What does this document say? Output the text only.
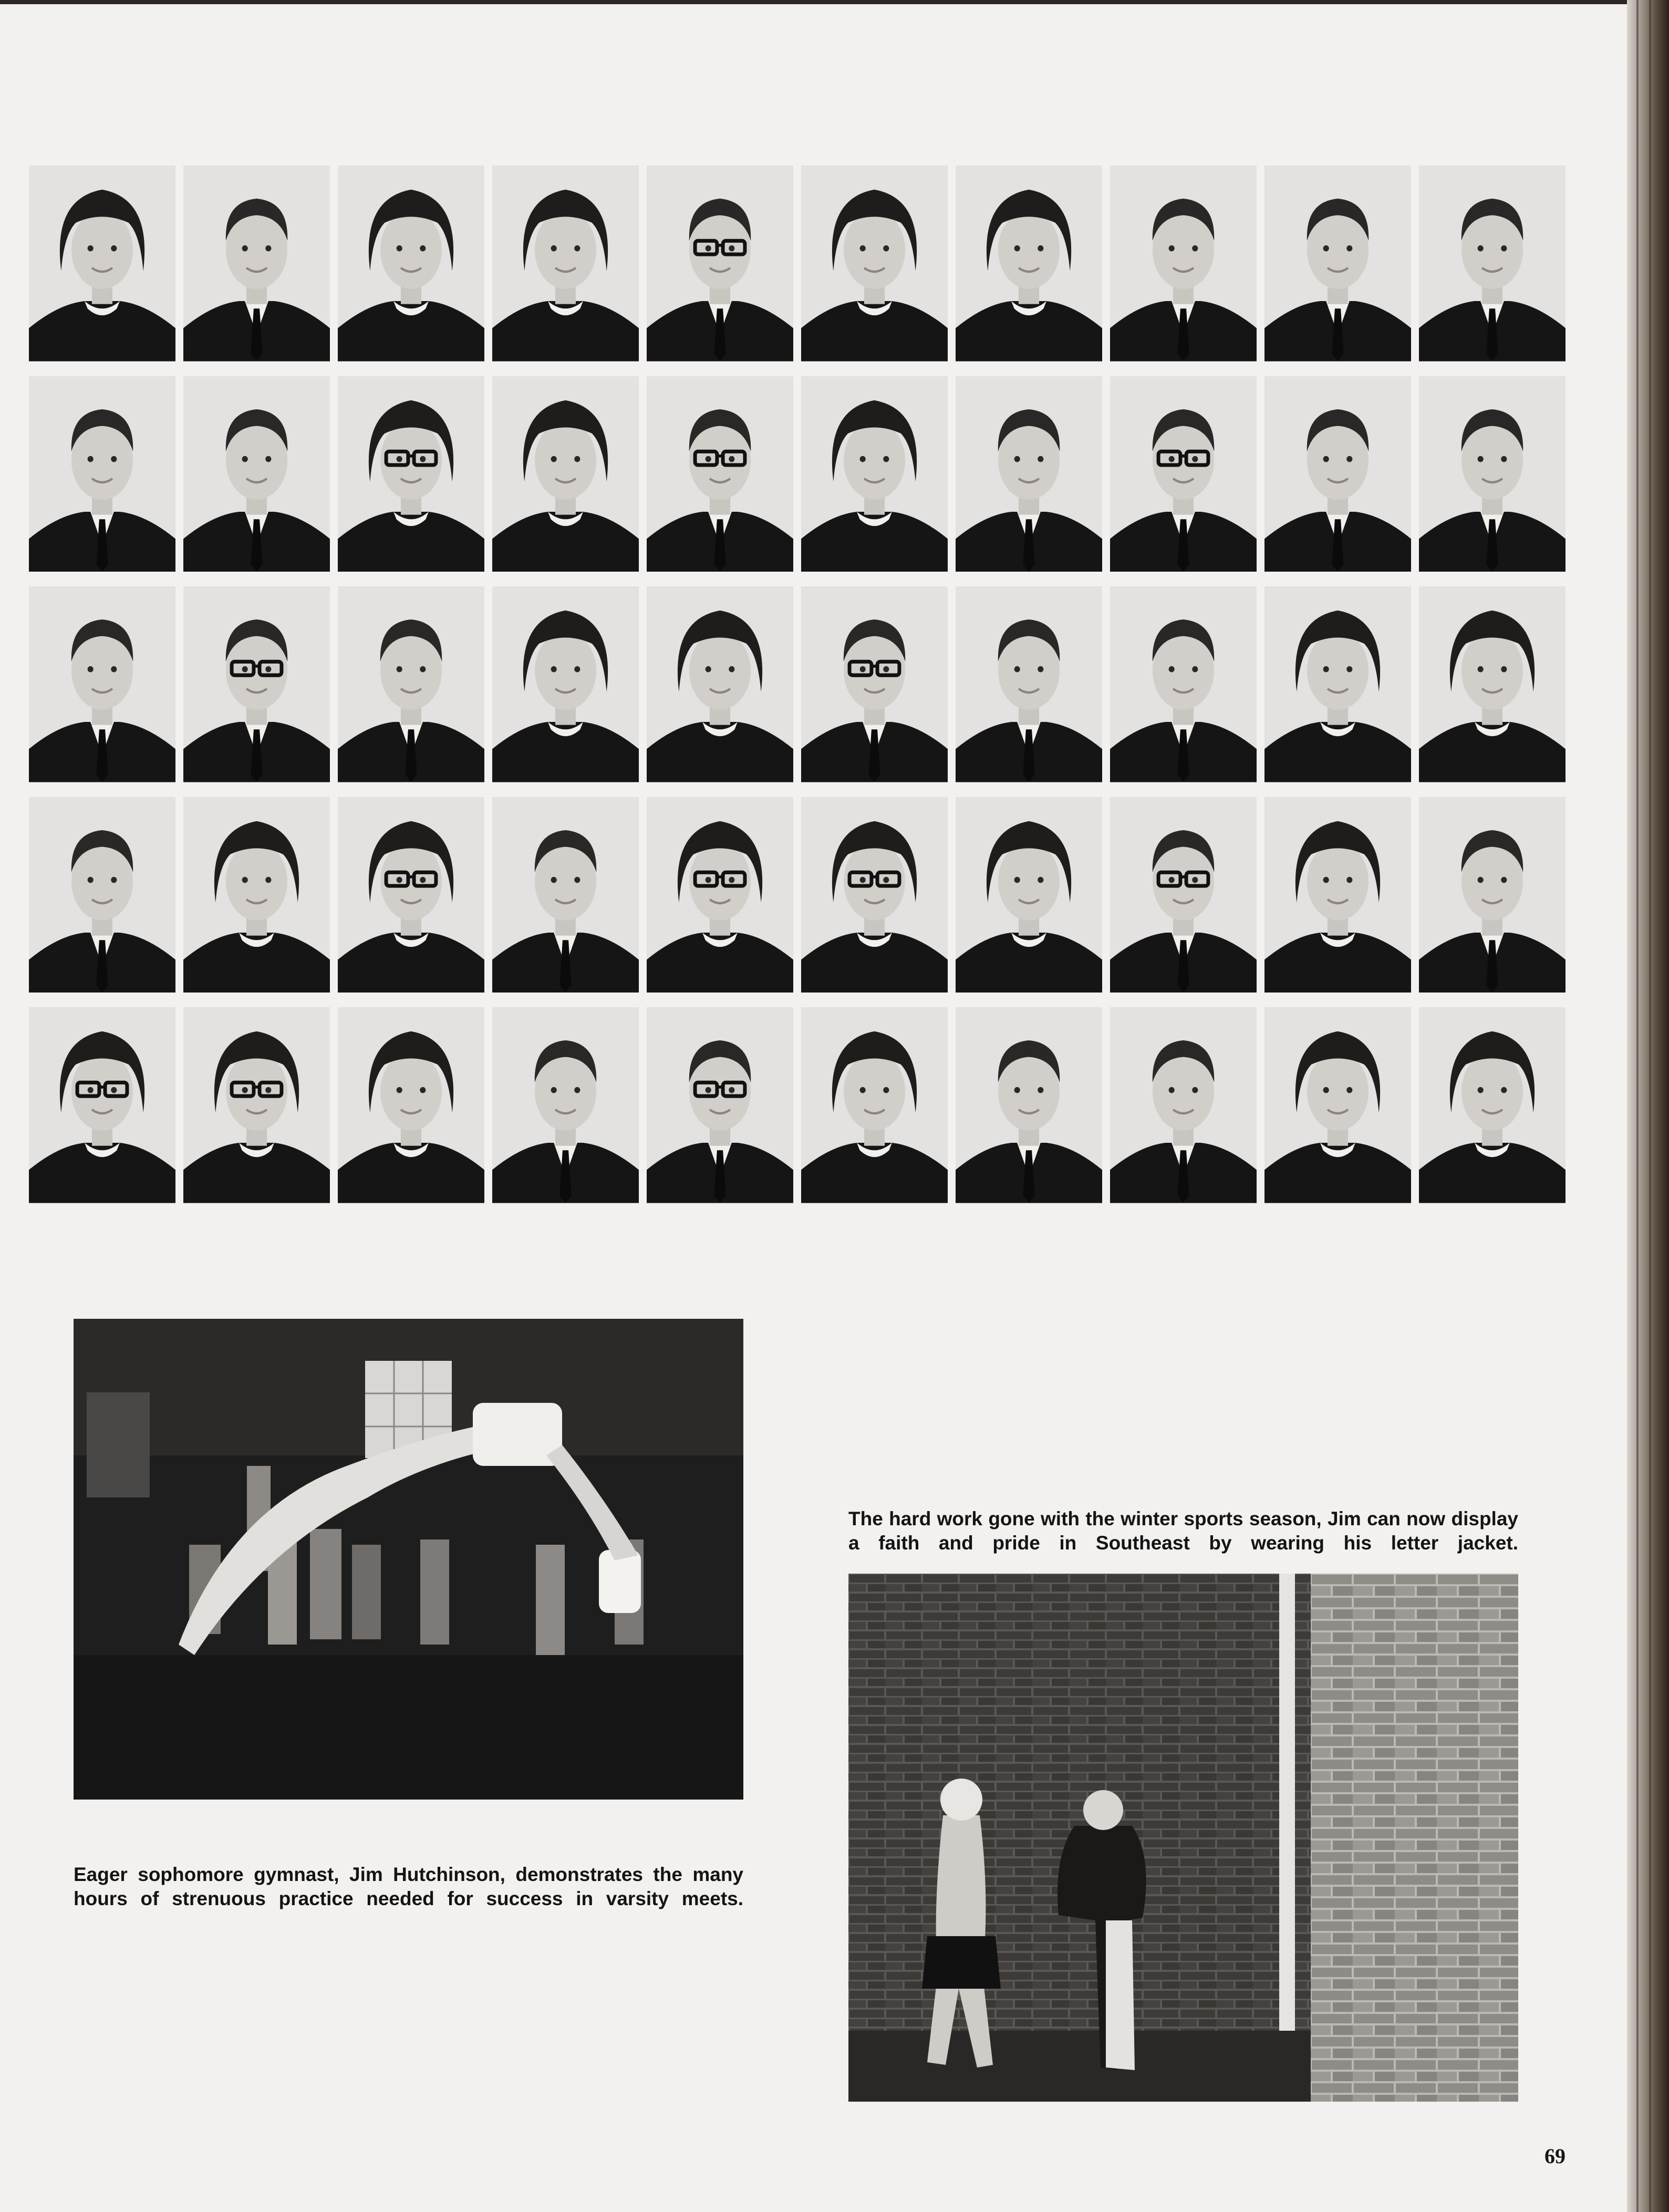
Eager sophomore gymnast, Jim Hutchinson, demonstrates the many hours of strenuous practice needed for success in varsity meets.

The hard work gone with the winter sports season, Jim can now display a faith and pride in Southeast by wearing his letter jacket.

69
